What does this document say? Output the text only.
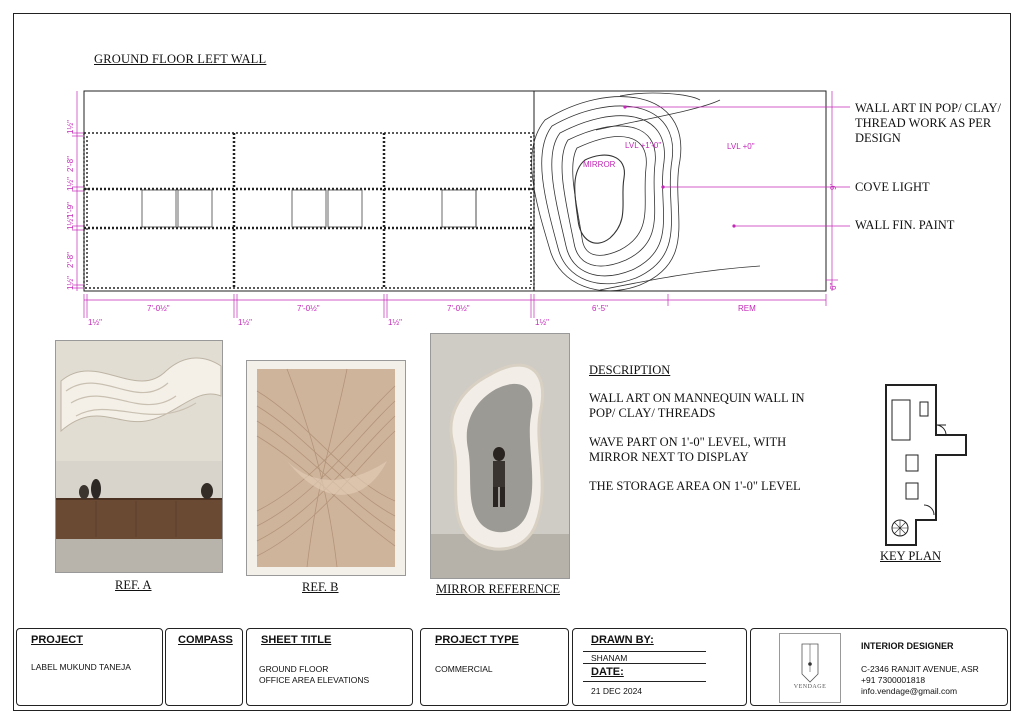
GROUND FLOOR LEFT WALL
MIRROR
LVL +1'-0"	LVL +0"
7'-0½"	7'-0½"	7'-0½"	6'-5"	REM
1½"	1½"	1½"	1½"
1½"
2'-8"
1½"
1'-9"
1½"
2'-8"
1½"
9'
6"
WALL ART IN POP/ CLAY/ THREAD WORK AS PER DESIGN
COVE LIGHT
WALL FIN. PAINT
REF. A	REF. B	MIRROR REFERENCE
DESCRIPTION
WALL ART ON MANNEQUIN WALL IN POP/ CLAY/ THREADS
WAVE PART ON 1'-0" LEVEL, WITH MIRROR NEXT TO DISPLAY
THE STORAGE AREA ON 1'-0" LEVEL
KEY PLAN
PROJECT
LABEL MUKUND TANEJA
COMPASS	SHEET TITLE
GROUND FLOOR
OFFICE AREA ELEVATIONS
PROJECT TYPE
COMMERCIAL
DRAWN BY:
SHANAM
DATE:
21 DEC 2024	VENDAGE
INTERIOR DESIGNER
C-2346 RANJIT AVENUE, ASR
+91 7300001818
info.vendage@gmail.com
